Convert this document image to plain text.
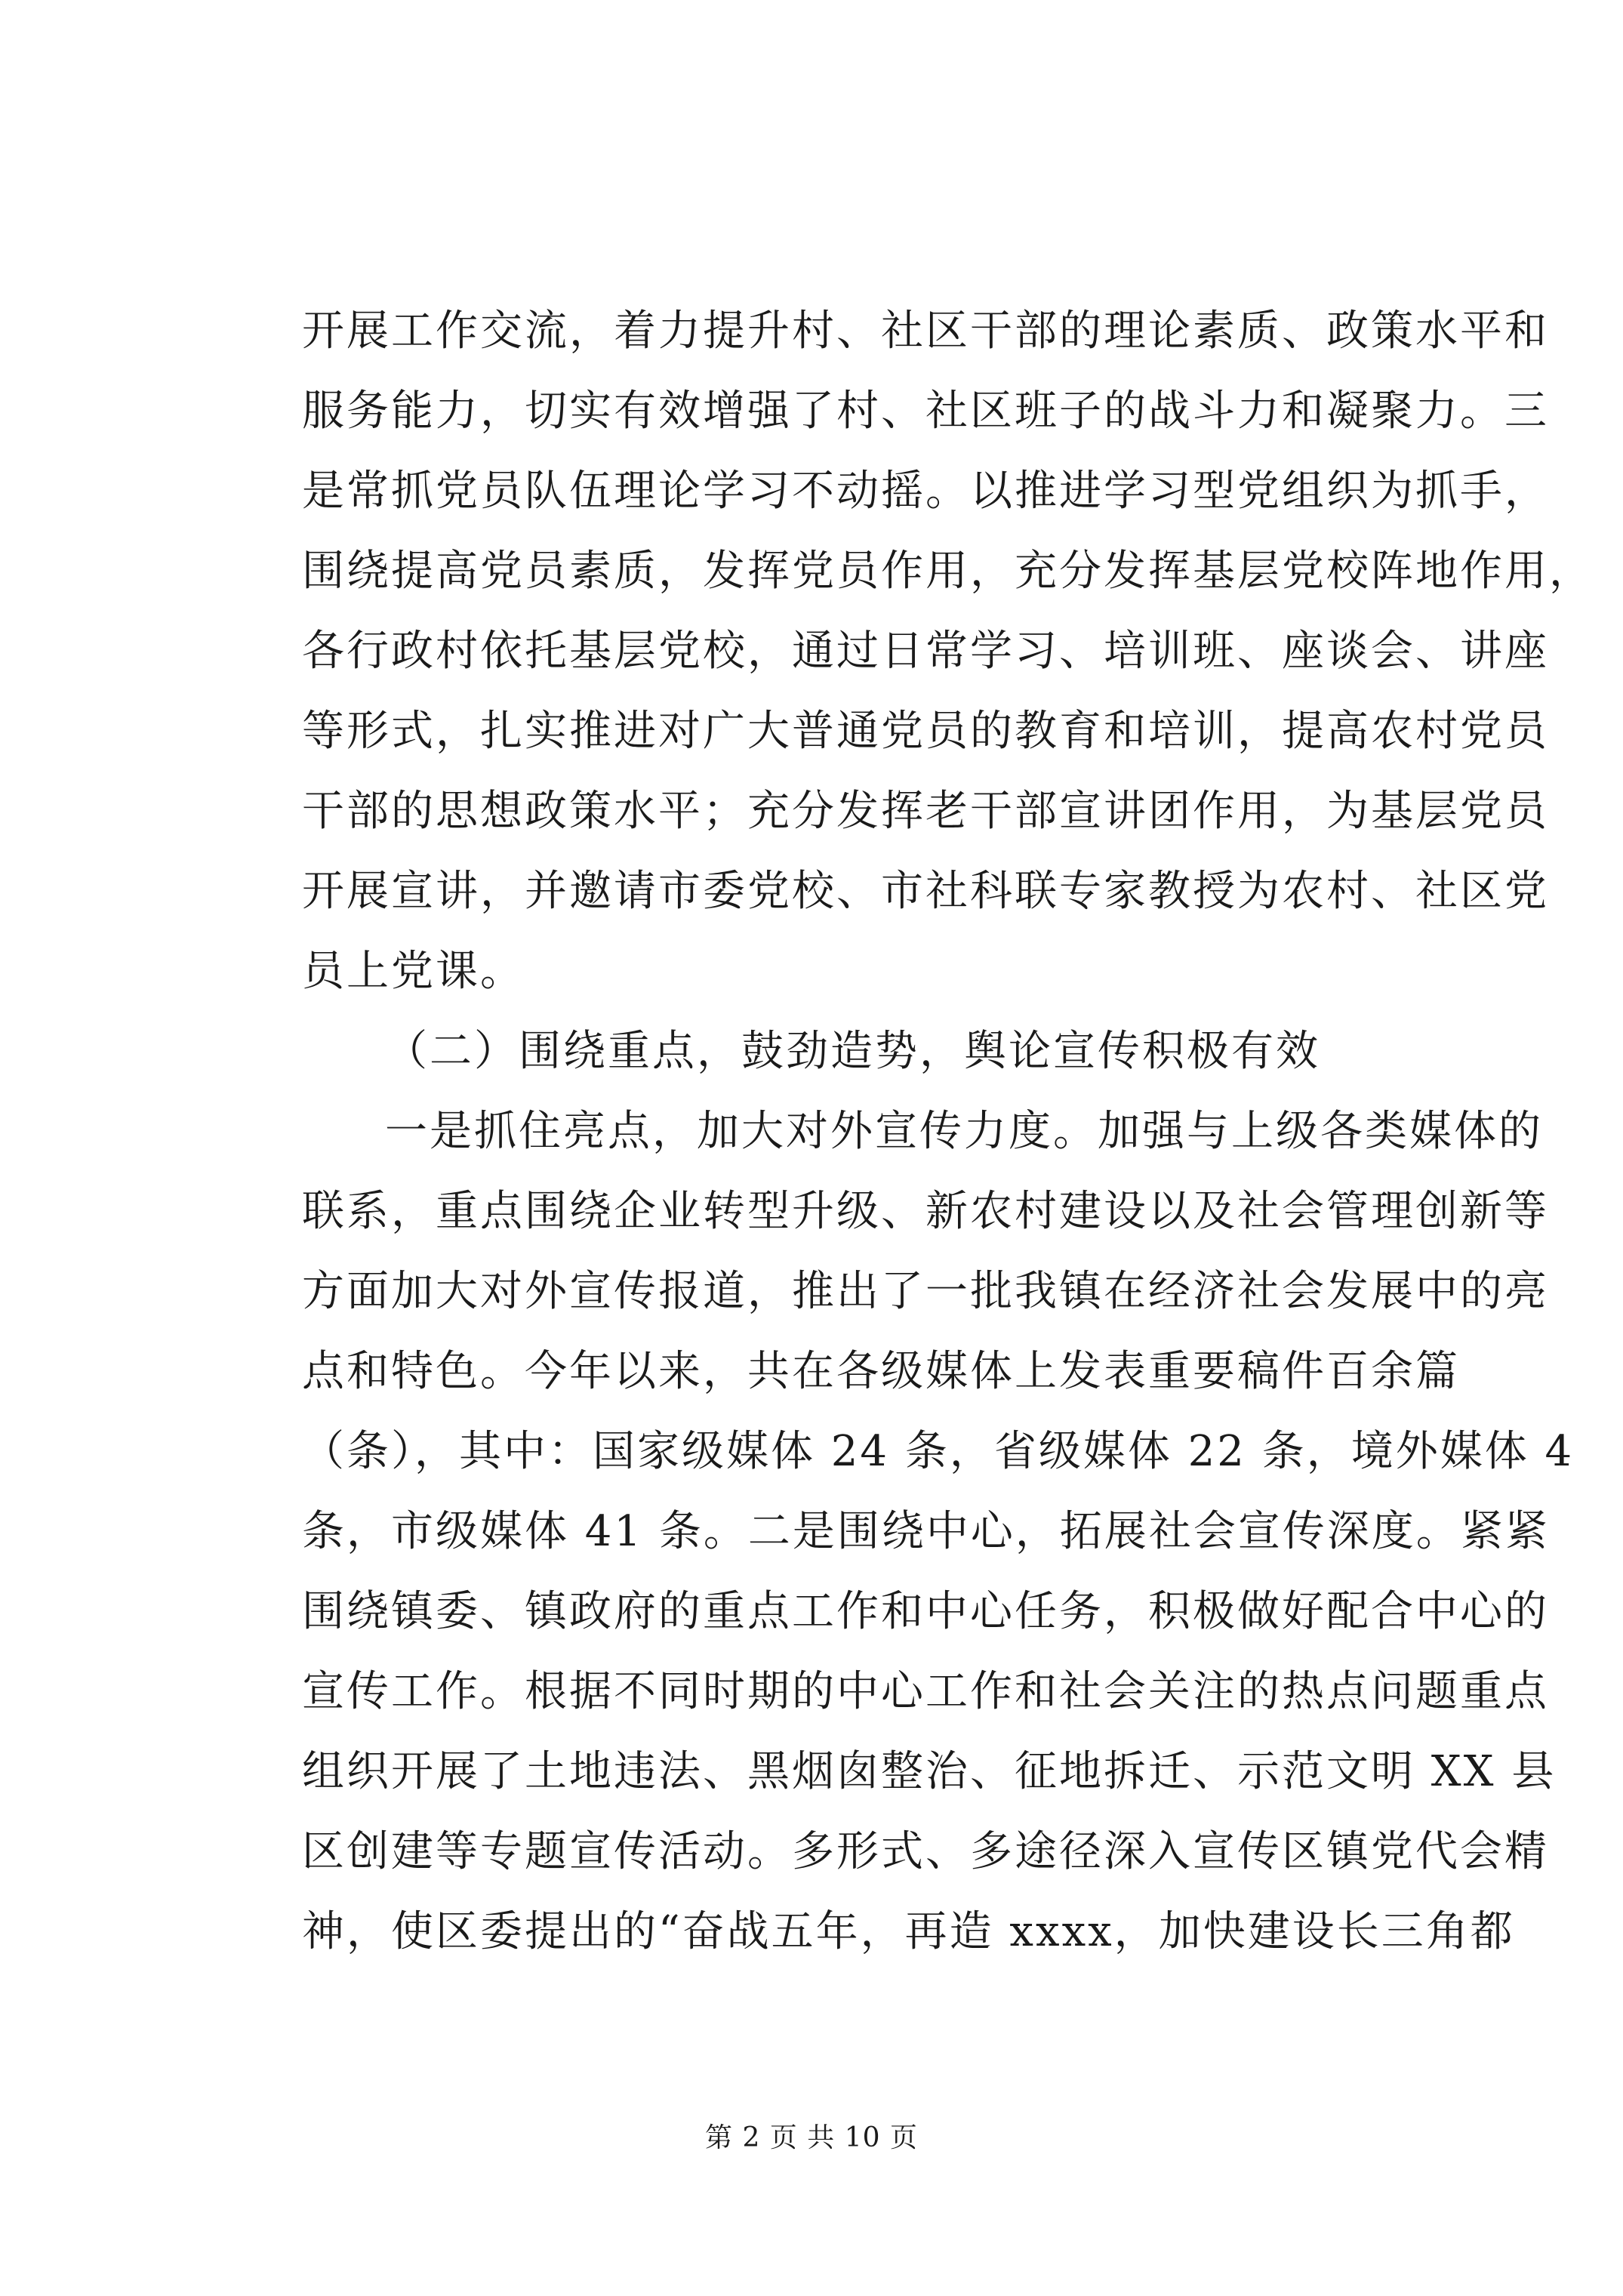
开展工作交流，着力提升村、社区干部的理论素质、政策水平和
服务能力，切实有效增强了村、社区班子的战斗力和凝聚力。三
是常抓党员队伍理论学习不动摇。以推进学习型党组织为抓手，
围绕提高党员素质，发挥党员作用，充分发挥基层党校阵地作用，
各行政村依托基层党校，通过日常学习、培训班、座谈会、讲座
等形式，扎实推进对广大普通党员的教育和培训，提高农村党员
干部的思想政策水平；充分发挥老干部宣讲团作用，为基层党员
开展宣讲，并邀请市委党校、市社科联专家教授为农村、社区党
员上党课。
（二）围绕重点，鼓劲造势，舆论宣传积极有效
一是抓住亮点，加大对外宣传力度。加强与上级各类媒体的
联系，重点围绕企业转型升级、新农村建设以及社会管理创新等
方面加大对外宣传报道，推出了一批我镇在经济社会发展中的亮
点和特色。今年以来，共在各级媒体上发表重要稿件百余篇
（条），其中：国家级媒体 24 条，省级媒体 22 条，境外媒体 4
条，市级媒体 41 条。二是围绕中心，拓展社会宣传深度。紧紧
围绕镇委、镇政府的重点工作和中心任务，积极做好配合中心的
宣传工作。根据不同时期的中心工作和社会关注的热点问题重点
组织开展了土地违法、黑烟囱整治、征地拆迁、示范文明 XX 县
区创建等专题宣传活动。多形式、多途径深入宣传区镇党代会精
神，使区委提出的“奋战五年，再造 xxxx，加快建设长三角都
第 2 页 共 10 页
